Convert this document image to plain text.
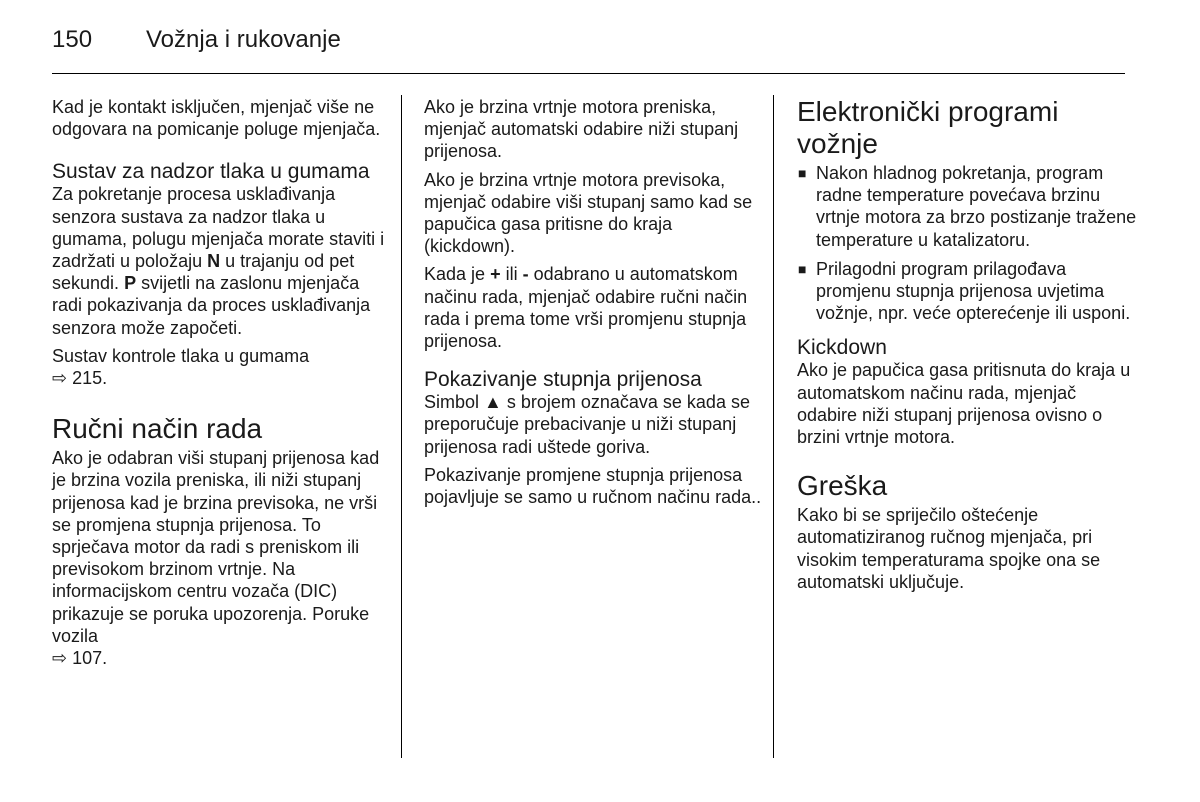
150 Vožnja i rukovanje

Kad je kontakt isključen, mjenjač više ne odgovara na pomicanje poluge mjenjača.

Sustav za nadzor tlaka u gumama

Za pokretanje procesa usklađivanja senzora sustava za nadzor tlaka u gumama, polugu mjenjača morate staviti i zadržati u položaju N u trajanju od pet sekundi. P svijetli na zaslonu mjenjača radi pokazivanja da proces usklađivanja senzora može započeti.

Sustav kontrole tlaka u gumama
⇨ 215.

Ručni način rada

Ako je odabran viši stupanj prijenosa kad je brzina vozila preniska, ili niži stupanj prijenosa kad je brzina previsoka, ne vrši se promjena stupnja prijenosa. To sprječava motor da radi s preniskom ili previsokom brzinom vrtnje. Na informacijskom centru vozača (DIC) prikazuje se poruka upozorenja. Poruke vozila
⇨ 107.

Ako je brzina vrtnje motora preniska, mjenjač automatski odabire niži stupanj prijenosa.

Ako je brzina vrtnje motora previsoka, mjenjač odabire viši stupanj samo kad se papučica gasa pritisne do kraja (kickdown).

Kada je + ili - odabrano u automatskom načinu rada, mjenjač odabire ručni način rada i prema tome vrši promjenu stupnja prijenosa.

Pokazivanje stupnja prijenosa

Simbol ▲ s brojem označava se kada se preporučuje prebacivanje u niži stupanj prijenosa radi uštede goriva.

Pokazivanje promjene stupnja prijenosa pojavljuje se samo u ručnom načinu rada..

Elektronički programi vožnje
■ Nakon hladnog pokretanja, program radne temperature povećava brzinu vrtnje motora za brzo postizanje tražene temperature u katalizatoru.
■ Prilagodni program prilagođava promjenu stupnja prijenosa uvjetima vožnje, npr. veće opterećenje ili usponi.
Kickdown

Ako je papučica gasa pritisnuta do kraja u automatskom načinu rada, mjenjač odabire niži stupanj prijenosa ovisno o brzini vrtnje motora.

Greška

Kako bi se spriječilo oštećenje automatiziranog ručnog mjenjača, pri visokim temperaturama spojke ona se automatski uključuje.
